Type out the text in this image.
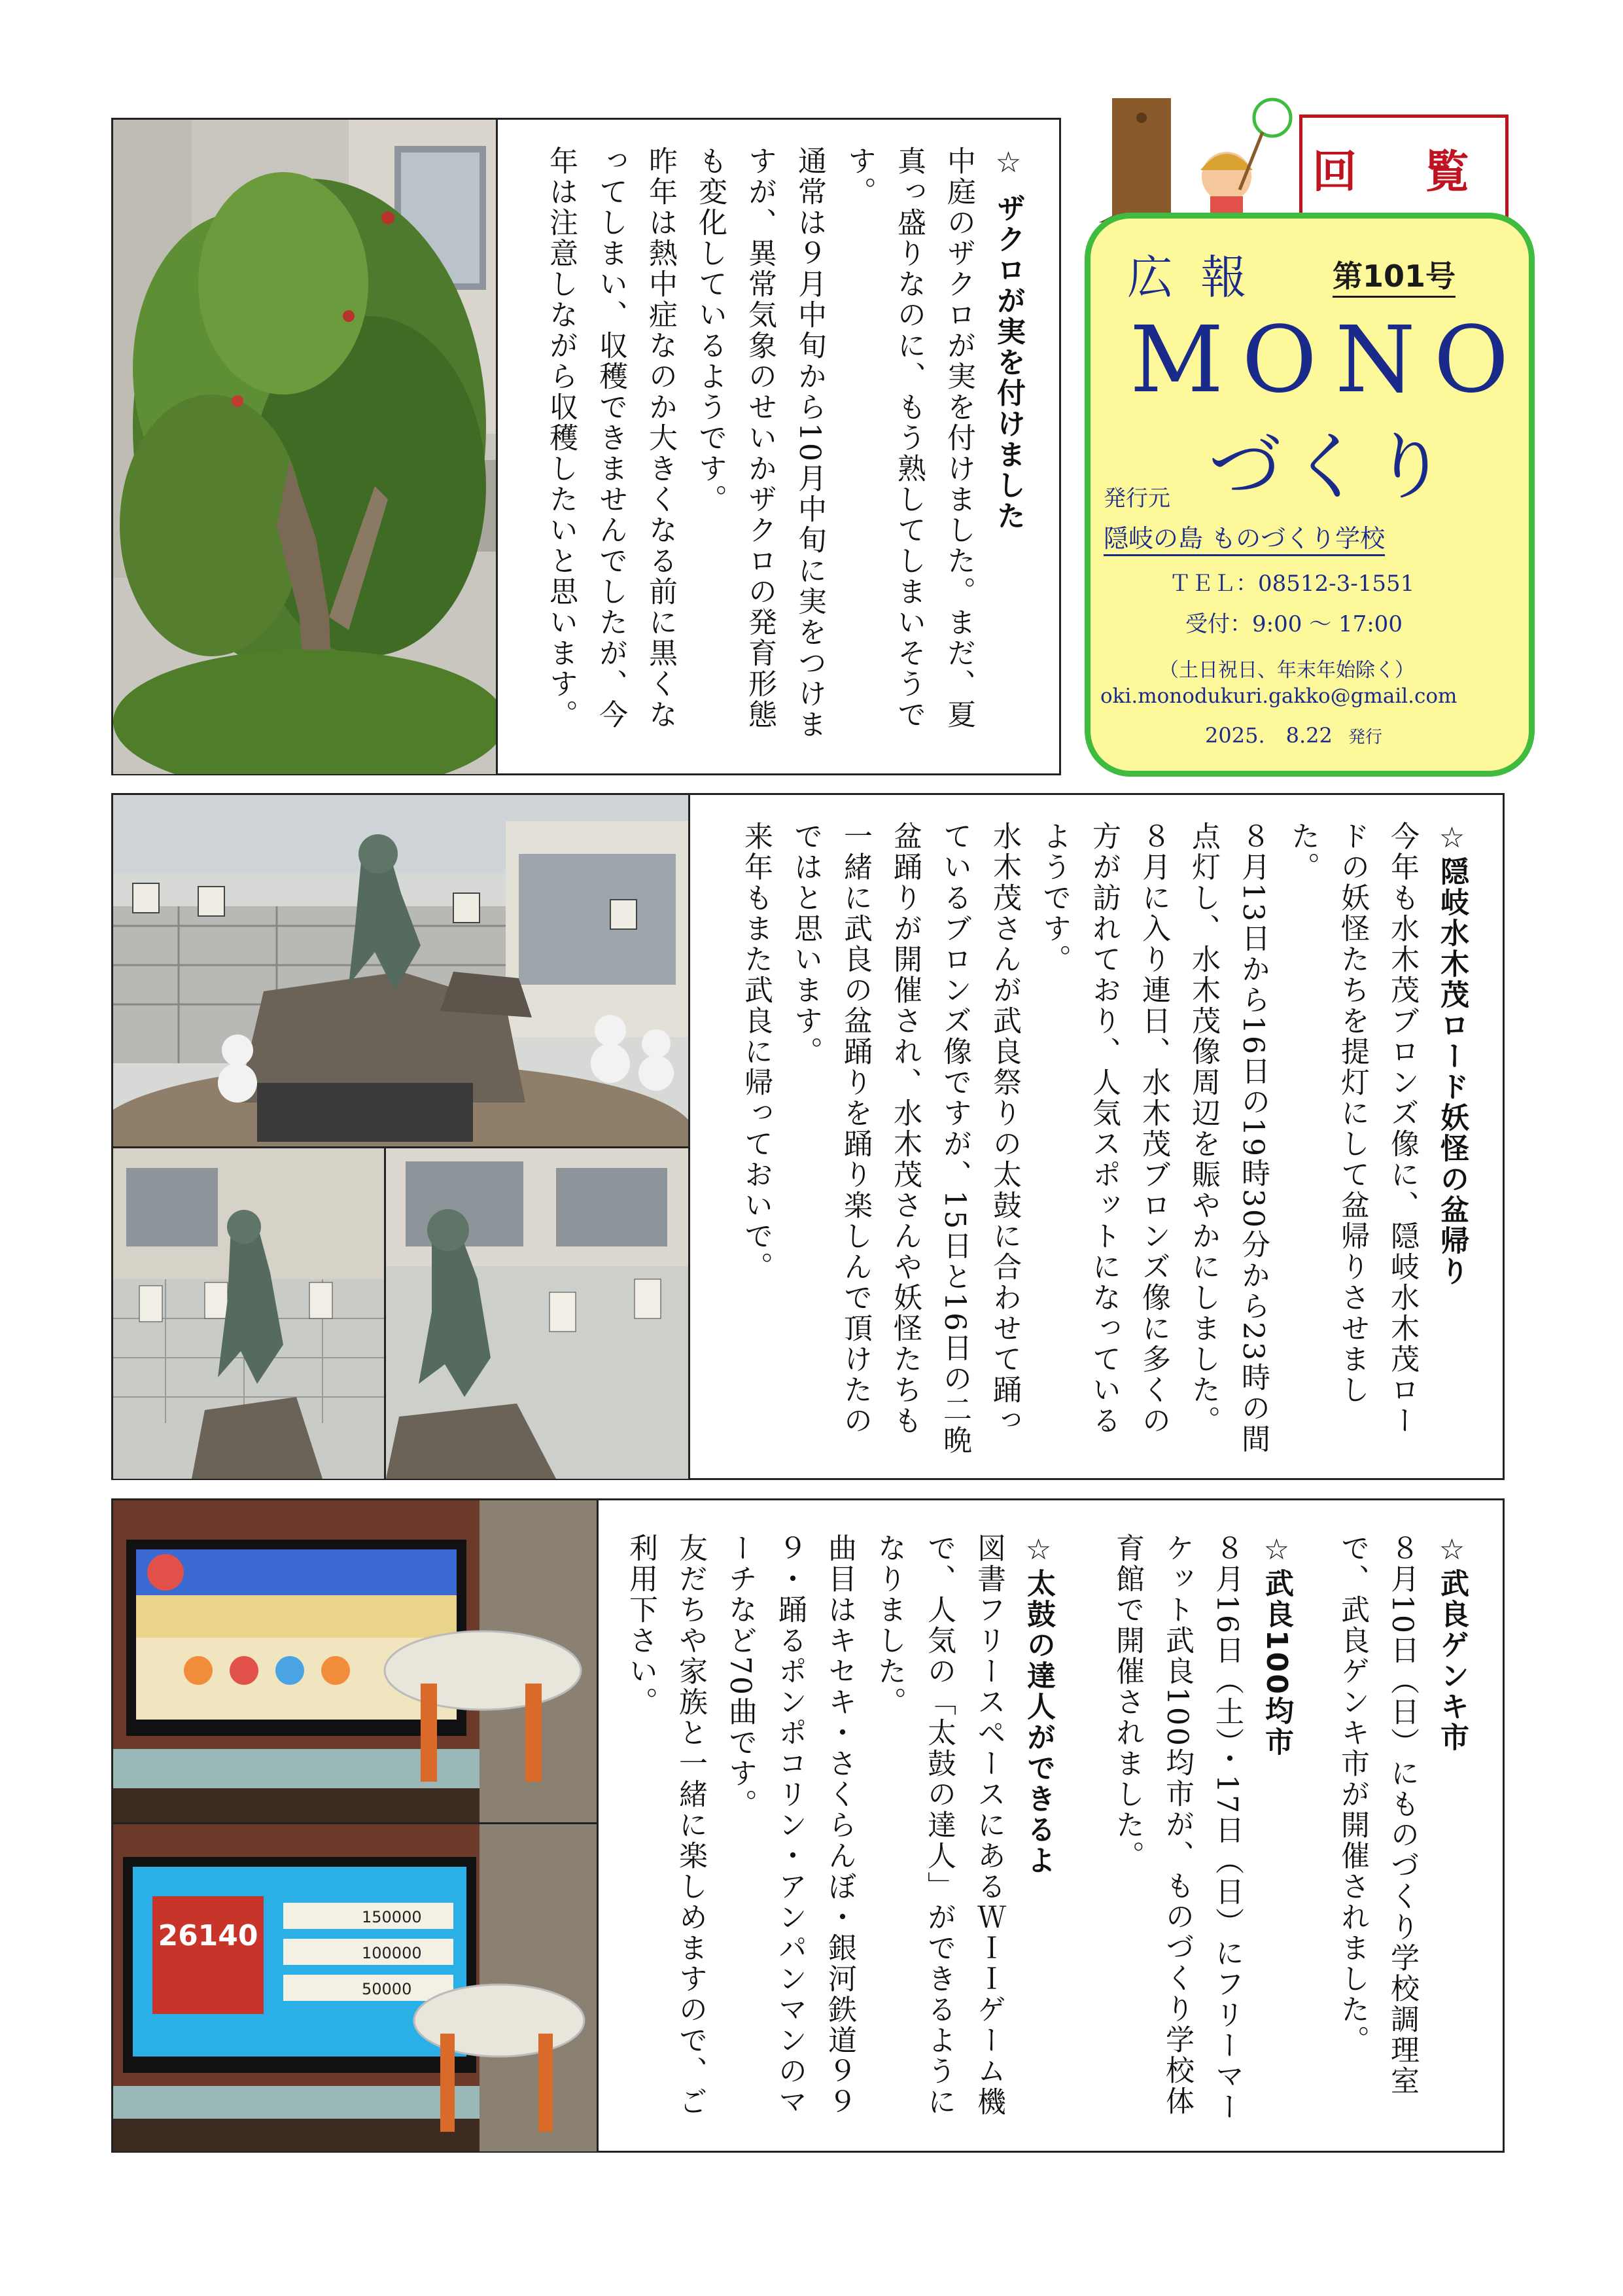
☆ ザクロが実を付けました

中庭のザクロが実を付けました。まだ、夏真っ盛りなのに、もう熟してしまいそうです。

通常は９月中旬から10月中旬に実をつけますが、異常気象のせいかザクロの発育形態も変化しているようです。

昨年は熱中症なのか大きくなる前に黒くなってしまい、収穫できませんでしたが、今年は注意しながら収穫したいと思います。	回 覧
広 報	第101号
MONO
づくり
発行元
隠岐の島 ものづくり学校
ＴＥＬ：08512-3-1551
受付：9:00 ～ 17:00
（土日祝日、年末年始除く）
oki.monodukuri.gakko@gmail.com
2025.　8.22 発行

☆隠岐水木茂ロード妖怪の盆帰り

今年も水木茂ブロンズ像に、隠岐水木茂ロードの妖怪たちを提灯にして盆帰りさせました。

８月13日から16日の19時30分から23時の間点灯し、水木茂像周辺を賑やかにしました。

８月に入り連日、水木茂ブロンズ像に多くの方が訪れており、人気スポットになっているようです。

水木茂さんが武良祭りの太鼓に合わせて踊っているブロンズ像ですが、15日と16日の二晩盆踊りが開催され、水木茂さんや妖怪たちも一緒に武良の盆踊りを踊り楽しんで頂けたのではと思います。

来年もまた武良に帰っておいで。

26140
150000
100000
50000

☆武良ゲンキ市

８月10日（日）にものづくり学校調理室で、武良ゲンキ市が開催されました。

☆武良100均市

８月16日（土）・17日（日）にフリーマーケット武良100均市が、ものづくり学校体育館で開催されました。

☆太鼓の達人ができるよ

図書フリースペースにあるＷＩＩゲーム機で、人気の「太鼓の達人」ができるようになりました。

曲目はキセキ・さくらんぼ・銀河鉄道９９９・踊るポンポコリン・アンパンマンのマーチなど70曲です。

友だちや家族と一緒に楽しめますので、ご利用下さい。
